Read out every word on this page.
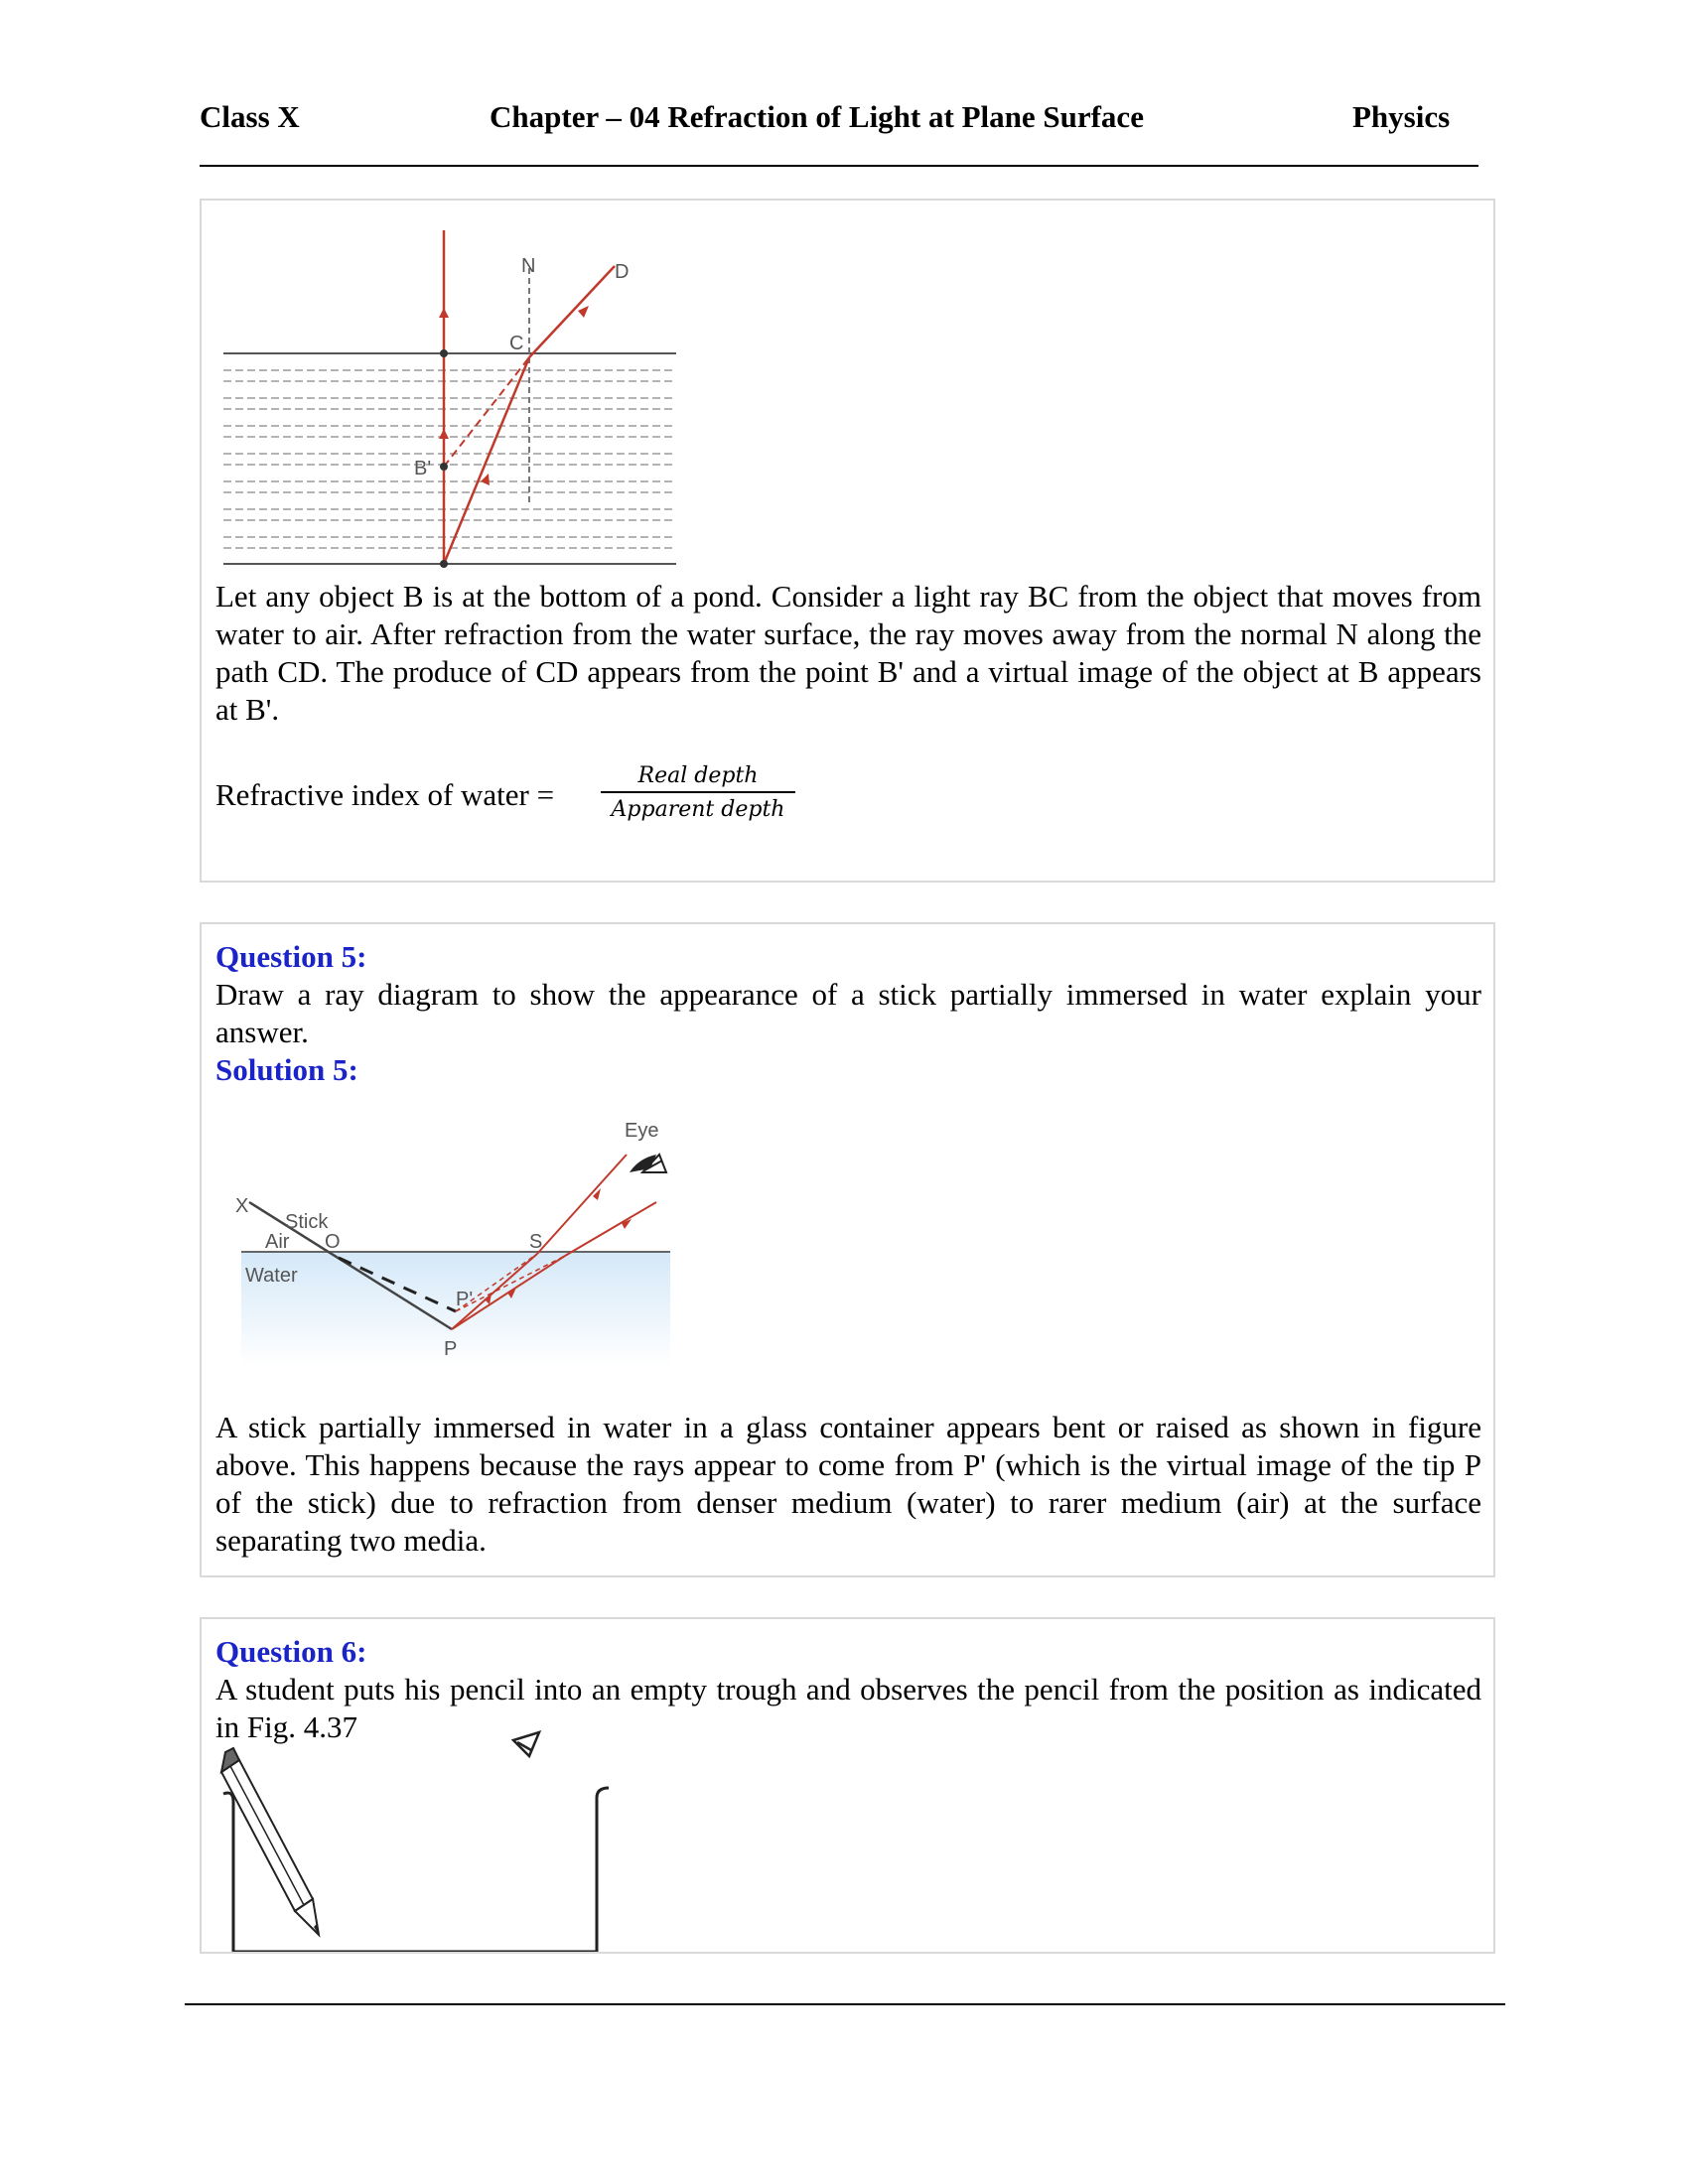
Class X	Chapter – 04 Refraction of Light at Plane Surface	Physics
N	D
C
B'
Let any object B is at the bottom of a pond. Consider a light ray BC from the object that moves from water to air. After refraction from the water surface, the ray moves away from the normal N along the path CD. The produce of CD appears from the point B' and a virtual image of the object at B appears at B'.
Refractive index of water =
Real depth
Apparent depth
Question 5:
Draw a ray diagram to show the appearance of a stick partially immersed in water explain your answer.
Solution 5:
Eye
X
Stick
Air O	S
Water
P'
P
A stick partially immersed in water in a glass container appears bent or raised as shown in figure above. This happens because the rays appear to come from P' (which is the virtual image of the tip P of the stick) due to refraction from denser medium (water) to rarer medium (air) at the surface separating two media.
Question 6:
A student puts his pencil into an empty trough and observes the pencil from the position as indicated in Fig. 4.37
